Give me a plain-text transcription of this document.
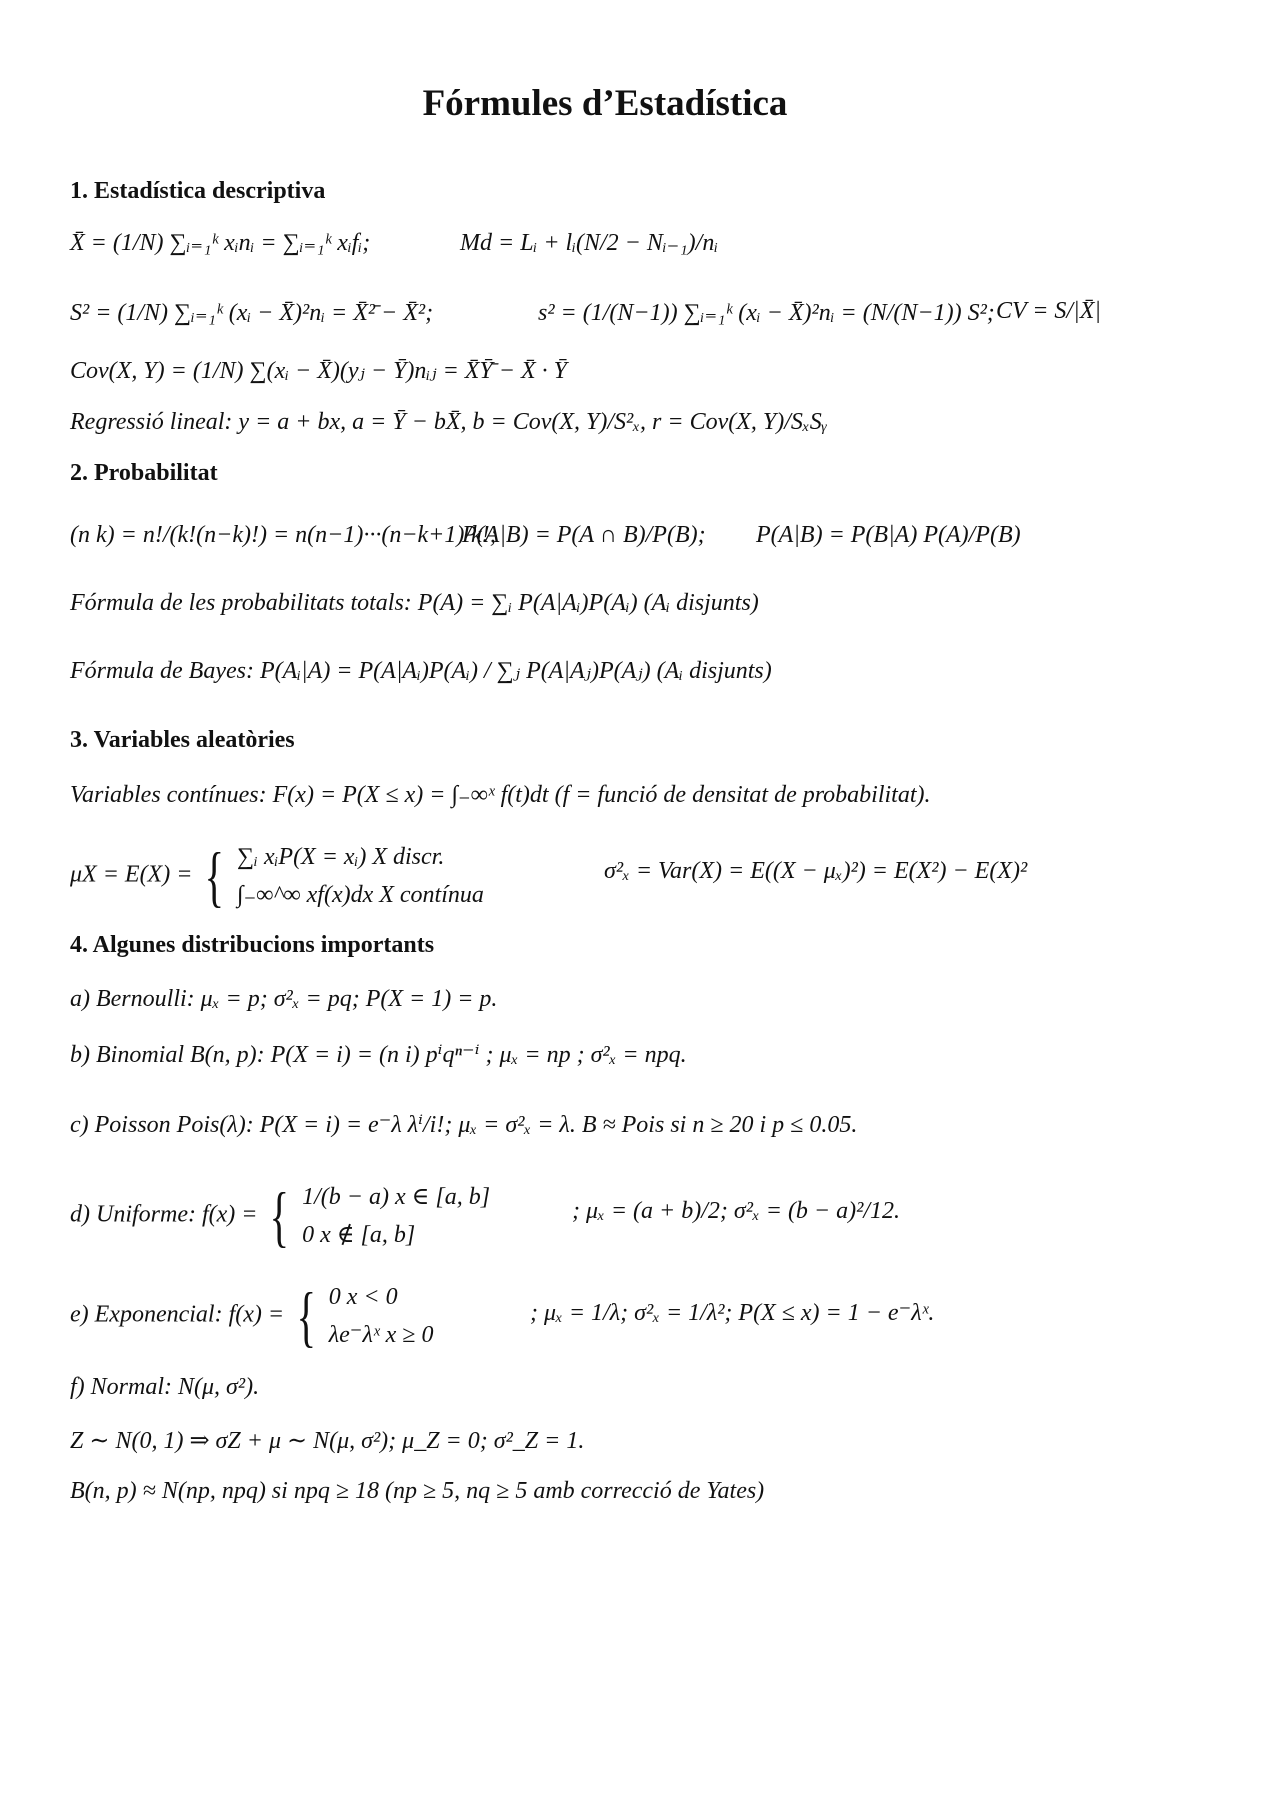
Fórmules d’Estadística
1. Estadística descriptiva
X̄ = (1/N) ∑ᵢ₌₁ᵏ xᵢnᵢ = ∑ᵢ₌₁ᵏ xᵢfᵢ;	Md = Lᵢ + lᵢ(N/2 − Nᵢ₋₁)/nᵢ
S² = (1/N) ∑ᵢ₌₁ᵏ (xᵢ − X̄)²nᵢ = X̄²̄ − X̄²;	s² = (1/(N−1)) ∑ᵢ₌₁ᵏ (xᵢ − X̄)²nᵢ = (N/(N−1)) S²; CV = S/|X̄|
Cov(X, Y) = (1/N) ∑(xᵢ − X̄)(yⱼ − Ȳ)nᵢⱼ = X̄Ȳ̄ − X̄ · Ȳ
Regressió lineal: y = a + bx, a = Ȳ − bX̄, b = Cov(X, Y)/S²ₓ, r = Cov(X, Y)/SₓSᵧ
2. Probabilitat
(n k) = n!/(k!(n−k)!) = n(n−1)···(n−k+1)/k!;
P(A|B) = P(A ∩ B)/P(B); P(A|B) = P(B|A) P(A)/P(B)
Fórmula de les probabilitats totals: P(A) = ∑ᵢ P(A|Aᵢ)P(Aᵢ) (Aᵢ disjunts)
Fórmula de Bayes: P(Aᵢ|A) = P(A|Aᵢ)P(Aᵢ) / ∑ⱼ P(A|Aⱼ)P(Aⱼ) (Aᵢ disjunts)
3. Variables aleatòries
Variables contínues: F(x) = P(X ≤ x) = ∫₋∞ˣ f(t)dt (f = funció de densitat de probabilitat).
μX = E(X) = { ∑ᵢ xᵢP(X = xᵢ) X discr.
∫₋∞^∞ xf(x)dx X contínua
σ²ₓ = Var(X) = E((X − μₓ)²) = E(X²) − E(X)²
4. Algunes distribucions importants
a) Bernoulli: μₓ = p; σ²ₓ = pq; P(X = 1) = p.
b) Binomial B(n, p): P(X = i) = (n i) pⁱqⁿ⁻ⁱ ; μₓ = np ; σ²ₓ = npq.
c) Poisson Pois(λ): P(X = i) = e⁻λ λⁱ/i!; μₓ = σ²ₓ = λ. B ≈ Pois si n ≥ 20 i p ≤ 0.05.
d) Uniforme: f(x) = { 1/(b − a) x ∈ [a, b]
0 x ∉ [a, b]
; μₓ = (a + b)/2; σ²ₓ = (b − a)²/12.
e) Exponencial: f(x) = { 0 x < 0
λe⁻λˣ x ≥ 0
; μₓ = 1/λ; σ²ₓ = 1/λ²; P(X ≤ x) = 1 − e⁻λˣ.
f) Normal: N(μ, σ²).
Z ∼ N(0, 1) ⇒ σZ + μ ∼ N(μ, σ²); μ_Z = 0; σ²_Z = 1.
B(n, p) ≈ N(np, npq) si npq ≥ 18 (np ≥ 5, nq ≥ 5 amb correcció de Yates)
